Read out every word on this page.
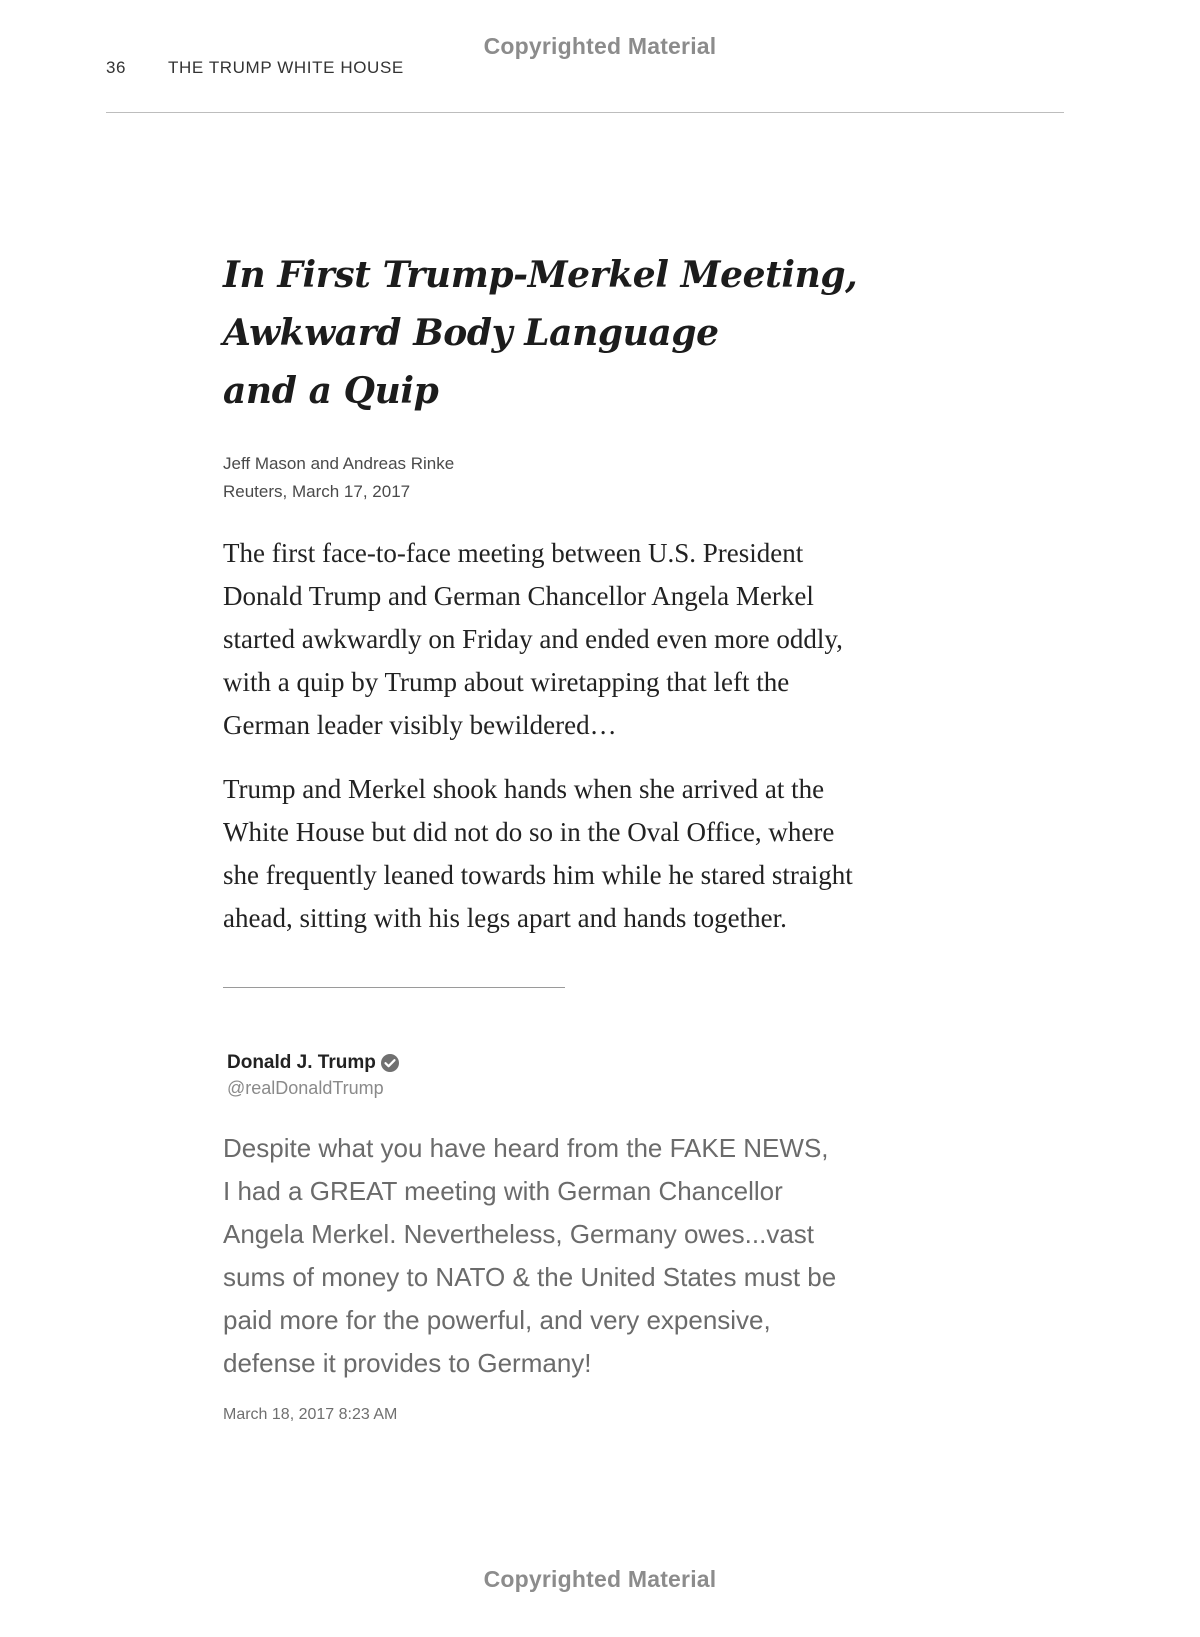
Copyrighted Material
36 THE TRUMP WHITE HOUSE
In First Trump-Merkel Meeting,
Awkward Body Language
and a Quip
Jeff Mason and Andreas Rinke
Reuters, March 17, 2017
The first face-to-face meeting between U.S. President
Donald Trump and German Chancellor Angela Merkel
started awkwardly on Friday and ended even more oddly,
with a quip by Trump about wiretapping that left the
German leader visibly bewildered…
Trump and Merkel shook hands when she arrived at the
White House but did not do so in the Oval Office, where
she frequently leaned towards him while he stared straight
ahead, sitting with his legs apart and hands together.
Donald J. Trump
@realDonaldTrump
Despite what you have heard from the FAKE NEWS,
I had a GREAT meeting with German Chancellor
Angela Merkel. Nevertheless, Germany owes...vast
sums of money to NATO & the United States must be
paid more for the powerful, and very expensive,
defense it provides to Germany!
March 18, 2017 8:23 AM
Copyrighted Material
